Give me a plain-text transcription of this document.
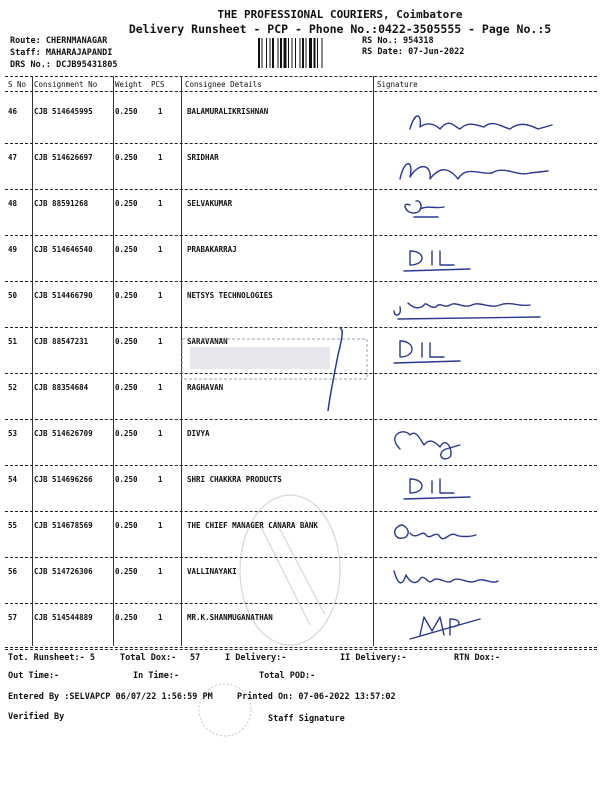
THE PROFESSIONAL COURIERS, Coimbatore
Delivery Runsheet - PCP - Phone No.:0422-3505555 - Page No.:5
Route: CHERNMANAGAR
Staff: MAHARAJAPANDI
DRS No.: DCJB95431805
RS No.: 954318
RS Date: 07-Jun-2022
S No Consignment No Weight PCS	Consignee Details	Signature
46 CJB 514645995	0.250	1	BALAMURALIKRISHNAN
47 CJB 514626697	0.250	1	SRIDHAR
48 CJB 88591268	0.250	1	SELVAKUMAR
49 CJB 514646540	0.250	1	PRABAKARRAJ
50 CJB 514466790	0.250	1	NETSYS TECHNOLOGIES
51 CJB 88547231	0.250	1	SARAVANAN
52 CJB 88354684	0.250	1	RAGHAVAN
53 CJB 514626709	0.250	1	DIVYA
54 CJB 514696266	0.250	1	SHRI CHAKKRA PRODUCTS
55 CJB 514678569	0.250	1	THE CHIEF MANAGER CANARA BANK
56 CJB 514726306	0.250	1	VALLINAYAKI
57 CJB 514544889	0.250	1	MR.K.SHANMUGANATHAN
Tot. Runsheet:- 5	Total Dox:- 57	I Delivery:-	II Delivery:-	RTN Dox:-
Out Time:-	In Time:-	Total POD:-
Entered By :SELVAPCP 06/07/22 1:56:59 PM	Printed On: 07-06-2022 13:57:02
Verified By	Staff Signature
